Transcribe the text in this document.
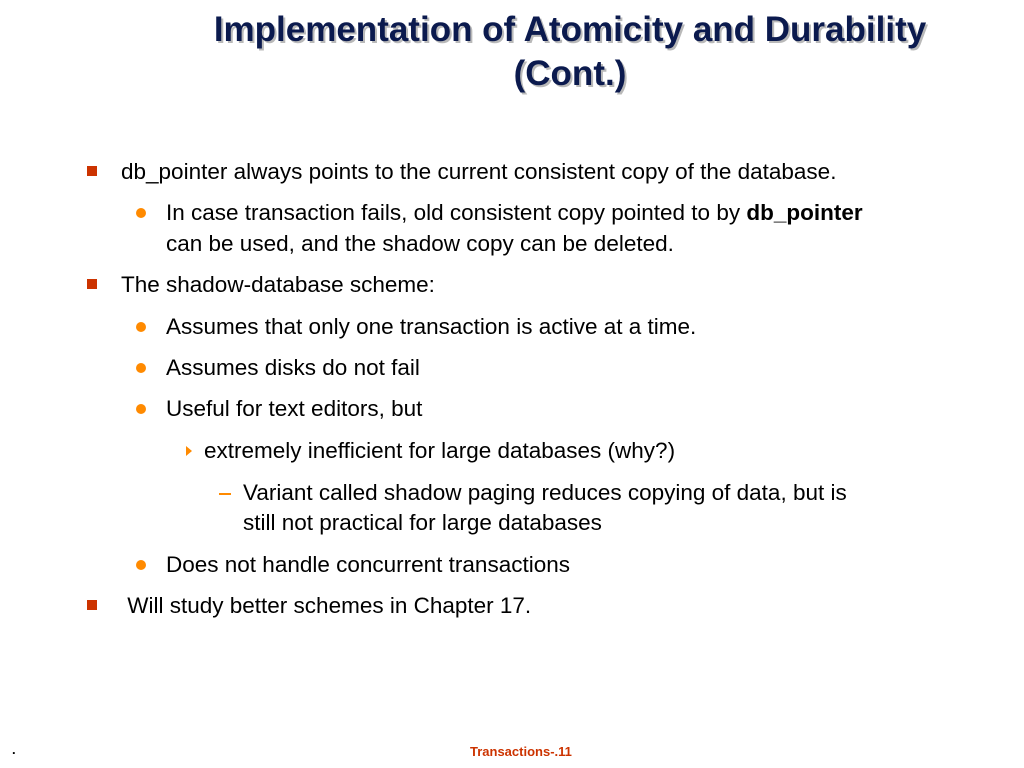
Implementation of Atomicity and Durability
(Cont.)
db_pointer always points to the current consistent copy of the database.
In case transaction fails, old consistent copy pointed to by db_pointer
can be used, and the shadow copy can be deleted.
The shadow-database scheme:
Assumes that only one transaction is active at a time.
Assumes disks do not fail
Useful for text editors, but
extremely inefficient for large databases (why?)
Variant called shadow paging reduces copying of data, but is
still not practical for large databases
Does not handle concurrent transactions
Will study better schemes in Chapter 17.
.	Transactions-.11
